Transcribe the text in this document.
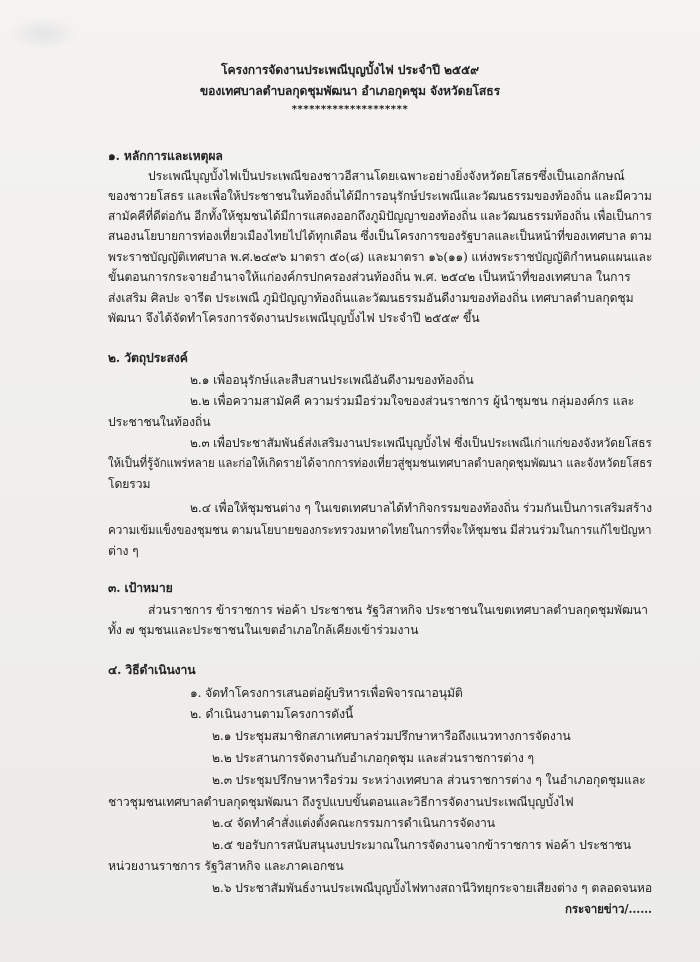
โครงการจัดงานประเพณีบุญบั้งไฟ ประจำปี ๒๕๕๙
ของเทศบาลตำบลกุดชุมพัฒนา อำเภอกุดชุม จังหวัดยโสธร
********************
๑. หลักการและเหตุผล
ประเพณีบุญบั้งไฟเป็นประเพณีของชาวอีสานโดยเฉพาะอย่างยิ่งจังหวัดยโสธรซึ่งเป็นเอกลักษณ์
ของชาวยโสธร และเพื่อให้ประชาชนในท้องถิ่นได้มีการอนุรักษ์ประเพณีและวัฒนธรรมของท้องถิ่น และมีความ
สามัคคีที่ดีต่อกัน อีกทั้งให้ชุมชนได้มีการแสดงออกถึงภูมิปัญญาของท้องถิ่น และวัฒนธรรมท้องถิ่น เพื่อเป็นการ
สนองนโยบายการท่องเที่ยวเมืองไทยไปได้ทุกเดือน ซึ่งเป็นโครงการของรัฐบาลและเป็นหน้าที่ของเทศบาล ตาม
พระราชบัญญัติเทศบาล พ.ศ.๒๔๙๖ มาตรา ๕๐(๘) และมาตรา ๑๖(๑๑) แห่งพระราชบัญญัติกำหนดแผนและ
ขั้นตอนการกระจายอำนาจให้แก่องค์กรปกครองส่วนท้องถิ่น พ.ศ. ๒๕๔๒ เป็นหน้าที่ของเทศบาล ในการ
ส่งเสริม ศิลปะ จารีต ประเพณี ภูมิปัญญาท้องถิ่นและวัฒนธรรมอันดีงามของท้องถิ่น เทศบาลตำบลกุดชุม
พัฒนา จึงได้จัดทำโครงการจัดงานประเพณีบุญบั้งไฟ ประจำปี ๒๕๕๙ ขึ้น
๒. วัตถุประสงค์
๒.๑ เพื่ออนุรักษ์และสืบสานประเพณีอันดีงามของท้องถิ่น
๒.๒ เพื่อความสามัคคี ความร่วมมือร่วมใจของส่วนราชการ ผู้นำชุมชน กลุ่มองค์กร และ
ประชาชนในท้องถิ่น
๒.๓ เพื่อประชาสัมพันธ์ส่งเสริมงานประเพณีบุญบั้งไฟ ซึ่งเป็นประเพณีเก่าแก่ของจังหวัดยโสธร
ให้เป็นที่รู้จักแพร่หลาย และก่อให้เกิดรายได้จากการท่องเที่ยวสู่ชุมชนเทศบาลตำบลกุดชุมพัฒนา และจังหวัดยโสธร
โดยรวม
๒.๔ เพื่อให้ชุมชนต่าง ๆ ในเขตเทศบาลได้ทำกิจกรรมของท้องถิ่น ร่วมกันเป็นการเสริมสร้าง
ความเข้มแข็งของชุมชน ตามนโยบายของกระทรวงมหาดไทยในการที่จะให้ชุมชน มีส่วนร่วมในการแก้ไขปัญหา
ต่าง ๆ
๓. เป้าหมาย
ส่วนราชการ ข้าราชการ พ่อค้า ประชาชน รัฐวิสาหกิจ ประชาชนในเขตเทศบาลตำบลกุดชุมพัฒนา
ทั้ง ๗ ชุมชนและประชาชนในเขตอำเภอใกล้เคียงเข้าร่วมงาน
๔. วิธีดำเนินงาน
๑. จัดทำโครงการเสนอต่อผู้บริหารเพื่อพิจารณาอนุมัติ
๒. ดำเนินงานตามโครงการดังนี้
๒.๑ ประชุมสมาชิกสภาเทศบาลร่วมปรึกษาหารือถึงแนวทางการจัดงาน
๒.๒ ประสานการจัดงานกับอำเภอกุดชุม และส่วนราชการต่าง ๆ
๒.๓ ประชุมปรึกษาหารือร่วม ระหว่างเทศบาล ส่วนราชการต่าง ๆ ในอำเภอกุดชุมและ
ชาวชุมชนเทศบาลตำบลกุดชุมพัฒนา ถึงรูปแบบขั้นตอนและวิธีการจัดงานประเพณีบุญบั้งไฟ
๒.๔ จัดทำคำสั่งแต่งตั้งคณะกรรมการดำเนินการจัดงาน
๒.๕ ขอรับการสนับสนุนงบประมาณในการจัดงานจากข้าราชการ พ่อค้า ประชาชน
หน่วยงานราชการ รัฐวิสาหกิจ และภาคเอกชน
๒.๖ ประชาสัมพันธ์งานประเพณีบุญบั้งไฟทางสถานีวิทยุกระจายเสียงต่าง ๆ ตลอดจนหอ
กระจายข่าว/......
